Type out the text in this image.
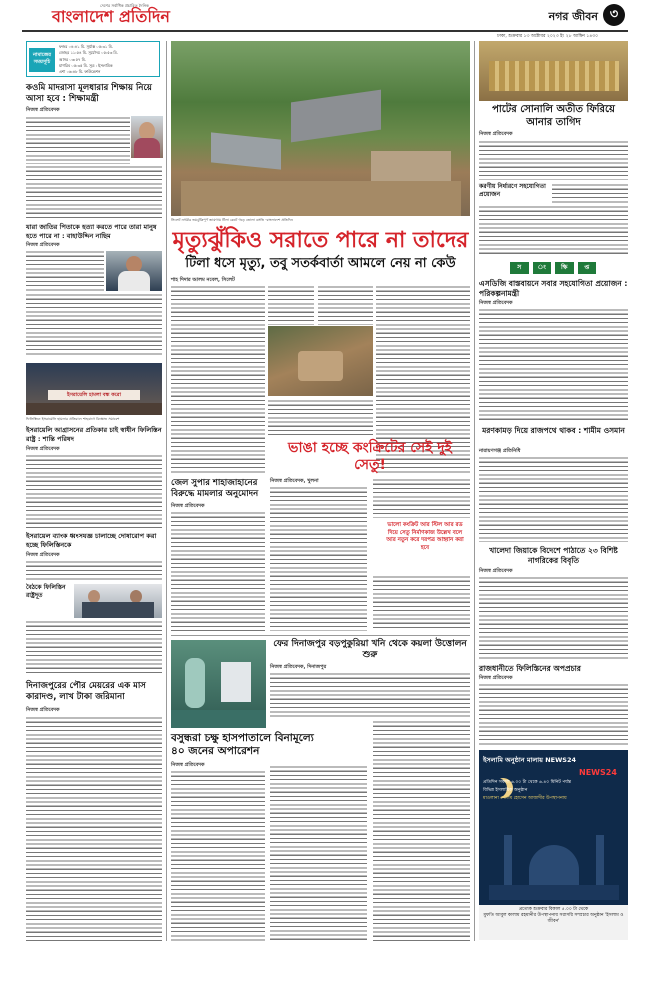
দেশের সর্বাধিক প্রচারিত দৈনিক
বাংলাদেশ প্রতিদিন	নগর জীবন ৩
ঢাকা, শুক্রবার ১৩ অক্টোবর ২০২৩ ইং ২৮ আশ্বিন ১৪৩০
নামাজের সময়সূচি
ফজর ০৪:৪১ মি. সূর্যাস্ত ০৫:৩১ মি.
জোহর ১১:৫৪ মি. সূর্যোদয় ০৫:৫৩ মি.
আসর ০৩:৫৭ মি.
মাগরিব ০৫:৩৫ মি. সূত্র : ইসলামিক
এশা ০৬:৪৮ মি. ফাউন্ডেশন
কওমি মাদরাসা মূলধারার শিক্ষায় নিয়ে আসা হবে : শিক্ষামন্ত্রী
নিজস্ব প্রতিবেদক
যারা জাতির পিতাকে হত্যা করতে পারে তারা মানুষ হতে পারে না : বাহাউদ্দিন নাছিম
নিজস্ব প্রতিবেদক
ইসরায়েলি হামলা বন্ধ করো
ফিলিস্তিনে ইসরায়েলি হামলার প্রতিবাদে শাহবাগে বিক্ষোভ সমাবেশ
ইসরায়েলি আগ্রাসনের প্রতিকার চাই স্বাধীন ফিলিস্তিন রাষ্ট্র : শান্তি পরিষদ
নিজস্ব প্রতিবেদক
ইসরায়েল ব্যাংক ধ্বংসযজ্ঞ চালাচ্ছে দোষারোপ করা হচ্ছে ফিলিস্তিনকে
নিজস্ব প্রতিবেদক
বৈঠকে ফিলিস্তিন রাষ্ট্রদূত
দিনাজপুরের পৌর মেয়রের এক মাস কারাদণ্ড, লাখ টাকা জরিমানা
নিজস্ব প্রতিবেদক
সিলেট নগরীর ভয়ঝুঁকিপূর্ণ জায়গায় টিলা কেটে গড়ে তোলা বসতি -বাংলাদেশ প্রতিদিন
মৃত্যুঝুঁকিও সরাতে পারে না তাদের
টিলা ধসে মৃত্যু, তবু সতর্কবার্তা আমলে নেয় না কেউ
শাহ দিদার আলম নবেল, সিলেট
ভাঙা হচ্ছে কংক্রিটের সেই দুই সেতু!
জেল সুপার শাহাজাহানের বিরুদ্ধে মামলার অনুমোদন
নিজস্ব প্রতিবেদক
নিজস্ব প্রতিবেদক, খুলনা
ভালো কংক্রিট আর স্টিল আর রড দিয়ে সেতু নির্মাণকাজ উল্লেখ বলে আর নতুন করে দরপত্র আহ্বান করা হবে
ফের দিনাজপুর বড়পুকুরিয়া খনি থেকে কয়লা উত্তোলন শুরু
নিজস্ব প্রতিবেদক, দিনাজপুর
বসুন্ধরা চক্ষু হাসপাতালে বিনামূল্যে ৪০ জনের অপারেশন
নিজস্ব প্রতিবেদক
পাটের সোনালি অতীত ফিরিয়ে আনার তাগিদ
নিজস্ব প্রতিবেদক
করণীয় নির্ধারণে সহযোগিতা প্রয়োজন
স	ং	ক্ষি	প্ত
এসডিজি বাস্তবায়নে সবার সহযোগিতা প্রয়োজন : পরিকল্পনামন্ত্রী
নিজস্ব প্রতিবেদক
মরণকামড় দিয়ে রাজপথে থাকব : শামীম ওসমান
নারায়ণগঞ্জ প্রতিনিধি
খালেদা জিয়াকে বিদেশে পাঠাতে ২৩ বিশিষ্ট নাগরিকের বিবৃতি
নিজস্ব প্রতিবেদক
রাজধানীতে ফিলিস্তিনের অপপ্রচার
নিজস্ব প্রতিবেদক
ইসলামি অনুষ্ঠান মালায় NEWS24
NEWS24
প্রতিদিন সকাল ৬.০০ টা থেকে ৬.৪০ মিনিট পর্যন্ত
বিভিন্ন ইসলামিক অনুষ্ঠান
মাওলানা সেলিম হোসেন আজাদীর উপস্থাপনায়
প্রত্যেক শুক্রবার বিকাল ৫.০০ টা থেকে
মুফতি আবুল কালাম রহমানীর উপস্থাপনায় সরাসরি সম্প্রচার অনুষ্ঠান 'ইসলাম ও জীবন'
